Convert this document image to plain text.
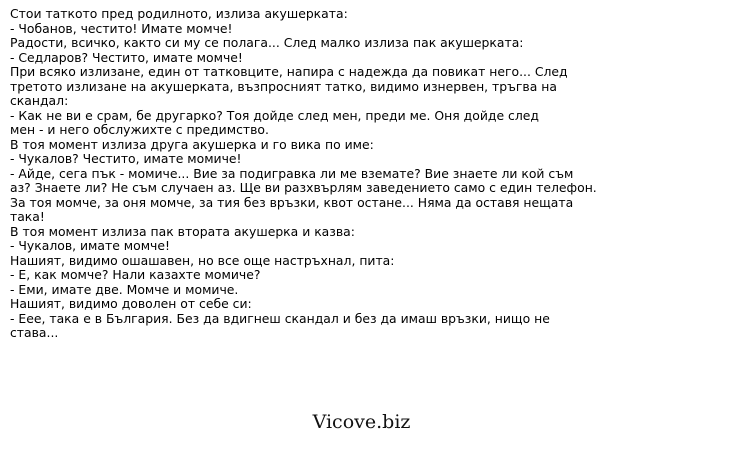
Стои таткото пред родилното, излиза акушерката:
- Чобанов, честито! Имате момче!
Радости, всичко, както си му се полага... След малко излиза пак акушерката:
- Седларов? Честито, имате момче!
При всяко излизане, един от татковците, напира с надежда да повикат него... След
третото излизане на акушерката, възпросният татко, видимо изнервен, тръгва на
скандал:
- Как не ви е срам, бе другарко? Тоя дойде след мен, преди ме. Оня дойде след
мен - и него обслужихте с предимство.
В тоя момент излиза друга акушерка и го вика по име:
- Чукалов? Честито, имате момиче!
- Айде, сега пък - момиче... Вие за подигравка ли ме вземате? Вие знаете ли кой съм
аз? Знаете ли? Не съм случаен аз. Ще ви разхвърлям заведението само с един телефон.
За тоя момче, за оня момче, за тия без връзки, квот остане... Няма да оставя нещата
така!
В тоя момент излиза пак втората акушерка и казва:
- Чукалов, имате момче!
Нашият, видимо ошашавен, но все още настръхнал, пита:
- Е, как момче? Нали казахте момиче?
- Еми, имате две. Момче и момиче.
Нашият, видимо доволен от себе си:
- Еее, така е в България. Без да вдигнеш скандал и без да имаш връзки, нищо не
става...
Vicove.biz
